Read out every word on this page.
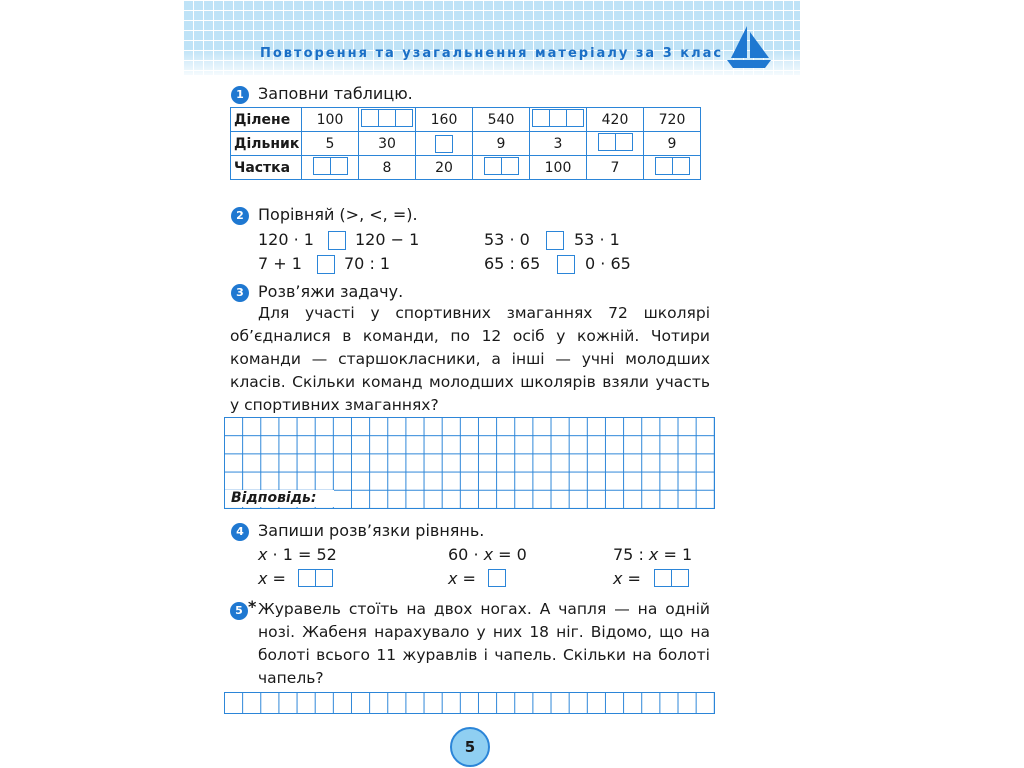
Повторення та узагальнення матеріалу за 3 клас
1 Заповни таблицю.
Ділене	100		160	540		420	720
Дільник	5	30		9	3		9
Частка		8	20		100	7	
2 Порівняй (>, <, =).
120 · 1	120 − 1	53 · 0	53 · 1
7 + 1	70 : 1	65 : 65	0 · 65
3 Розв’яжи задачу.
Для участі у спортивних змаганнях 72 школярі об’єдналися в команди, по 12 осіб у кожній. Чотири команди — старшокласники, а інші — учні молодших класів. Скільки команд молодших школярів взяли участь у спортивних змаганнях?
Відповідь:
4 Запиши розв’язки рівнянь.
x · 1 = 52	60 · x = 0	75 : x = 1
x =	x =	x =
5 * Журавель стоїть на двох ногах. А чапля — на одній нозі. Жабеня нарахувало у них 18 ніг. Відомо, що на болоті всього 11 журавлів і чапель. Скільки на болоті чапель?
5
